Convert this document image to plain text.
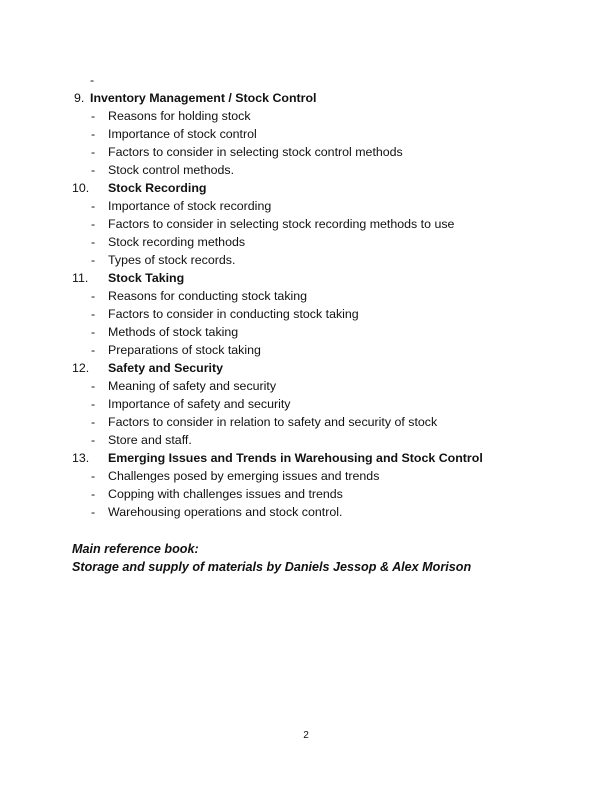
-
9. Inventory Management / Stock Control
- Reasons for holding stock
- Importance of stock control
- Factors to consider in selecting stock control methods
- Stock control methods.
10. Stock Recording
- Importance of stock recording
- Factors to consider in selecting stock recording methods to use
- Stock recording methods
- Types of stock records.
11. Stock Taking
- Reasons for conducting stock taking
- Factors to consider in conducting stock taking
- Methods of stock taking
- Preparations of stock taking
12. Safety and Security
- Meaning of safety and security
- Importance of safety and security
- Factors to consider in relation to safety and security of stock
- Store and staff.
13. Emerging Issues and Trends in Warehousing and Stock Control
- Challenges posed by emerging issues and trends
- Copping with challenges issues and trends
- Warehousing operations and stock control.
Main reference book:
Storage and supply of materials by Daniels Jessop & Alex Morison
2
